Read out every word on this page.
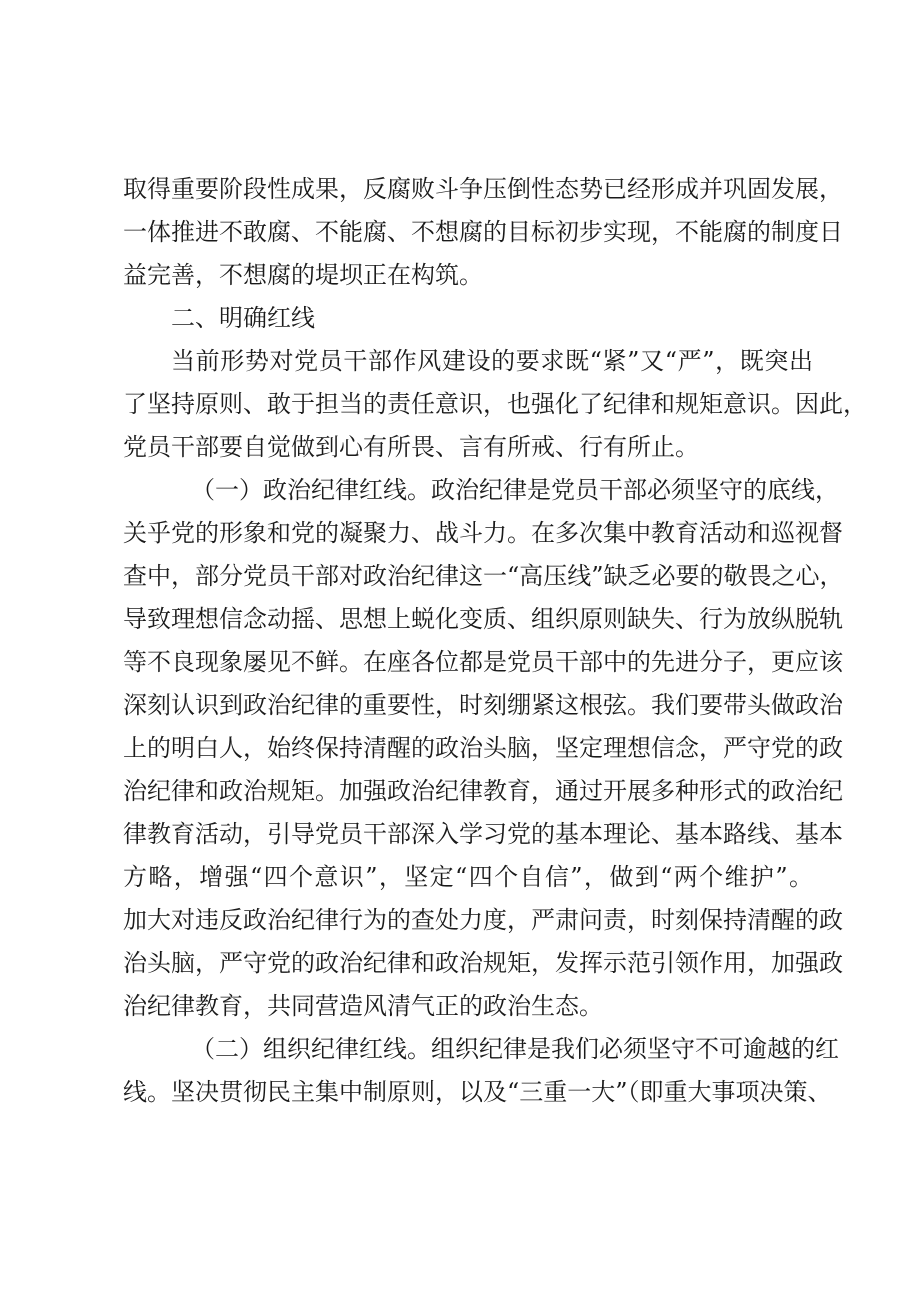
取得重要阶段性成果，反腐败斗争压倒性态势已经形成并巩固发展，
一体推进不敢腐、不能腐、不想腐的目标初步实现，不能腐的制度日
益完善，不想腐的堤坝正在构筑。
二、明确红线
当前形势对党员干部作风建设的要求既“紧”又“严”，既突出
了坚持原则、敢于担当的责任意识，也强化了纪律和规矩意识。因此，
党员干部要自觉做到心有所畏、言有所戒、行有所止。
（一）政治纪律红线。政治纪律是党员干部必须坚守的底线，
关乎党的形象和党的凝聚力、战斗力。在多次集中教育活动和巡视督
查中，部分党员干部对政治纪律这一“高压线”缺乏必要的敬畏之心，
导致理想信念动摇、思想上蜕化变质、组织原则缺失、行为放纵脱轨
等不良现象屡见不鲜。在座各位都是党员干部中的先进分子，更应该
深刻认识到政治纪律的重要性，时刻绷紧这根弦。我们要带头做政治
上的明白人，始终保持清醒的政治头脑，坚定理想信念，严守党的政
治纪律和政治规矩。加强政治纪律教育，通过开展多种形式的政治纪
律教育活动，引导党员干部深入学习党的基本理论、基本路线、基本
方略，增强“四个意识”，坚定“四个自信”，做到“两个维护”。
加大对违反政治纪律行为的查处力度，严肃问责，时刻保持清醒的政
治头脑，严守党的政治纪律和政治规矩，发挥示范引领作用，加强政
治纪律教育，共同营造风清气正的政治生态。
（二）组织纪律红线。组织纪律是我们必须坚守不可逾越的红
线。坚决贯彻民主集中制原则，以及“三重一大”（即重大事项决策、
